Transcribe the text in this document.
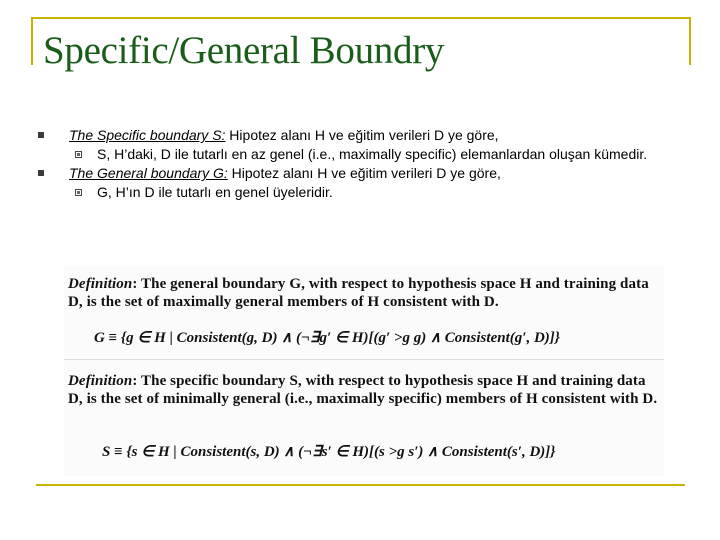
Specific/General Boundry
The Specific boundary S: Hipotez alanı H ve eğitim verileri D ye göre,
S, H’daki, D ile tutarlı en az genel (i.e., maximally specific) elemanlardan oluşan kümedir.
The General boundary G: Hipotez alanı H ve eğitim verileri D ye göre,
G, H’ın D ile tutarlı en genel üyeleridir.
Definition: The general boundary G, with respect to hypothesis space H and training data D, is the set of maximally general members of H consistent with D.
G ≡ {g ∈ H | Consistent(g, D) ∧ (¬∃g′ ∈ H)[(g′ >g g) ∧ Consistent(g′, D)]}
Definition: The specific boundary S, with respect to hypothesis space H and training data D, is the set of minimally general (i.e., maximally specific) members of H consistent with D.
S ≡ {s ∈ H | Consistent(s, D) ∧ (¬∃s′ ∈ H)[(s >g s′) ∧ Consistent(s′, D)]}
